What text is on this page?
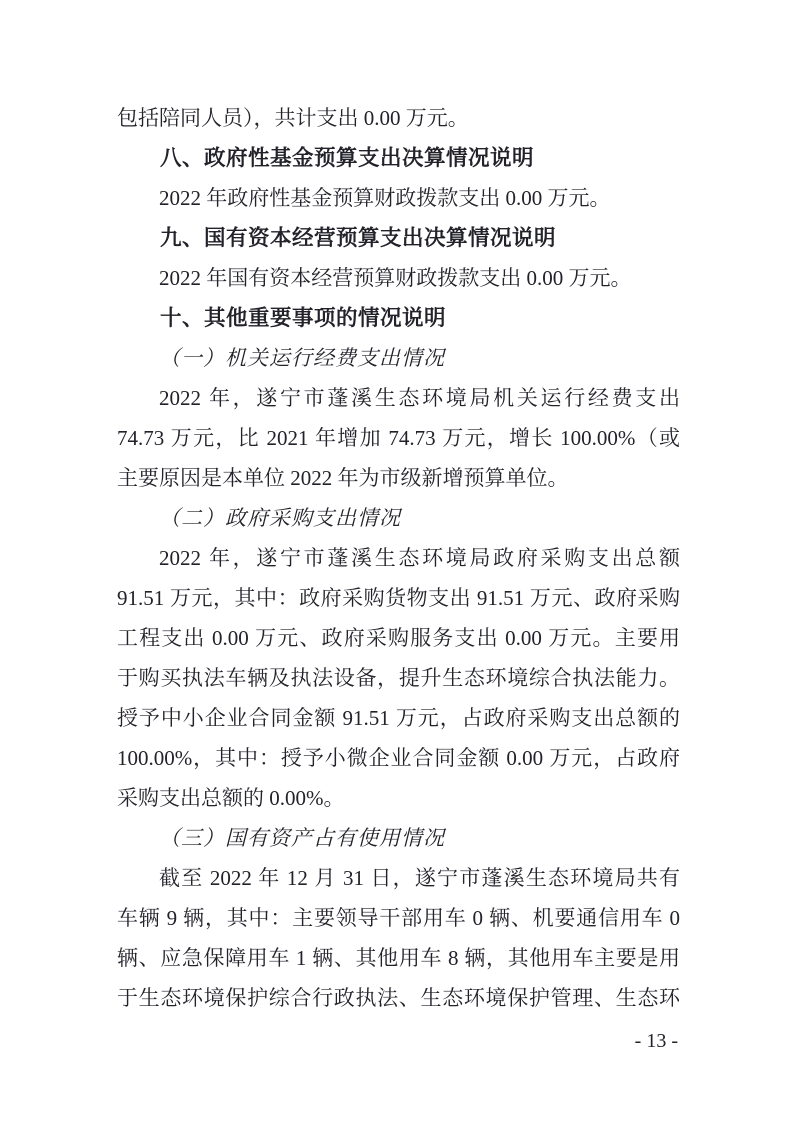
包括陪同人员），共计支出 0.00 万元。
八、政府性基金预算支出决算情况说明
2022 年政府性基金预算财政拨款支出 0.00 万元。
九、国有资本经营预算支出决算情况说明
2022 年国有资本经营预算财政拨款支出 0.00 万元。
十、其他重要事项的情况说明
（一）机关运行经费支出情况
2022 年，遂宁市蓬溪生态环境局机关运行经费支出
74.73 万元，比 2021 年增加 74.73 万元，增长 100.00%（或
主要原因是本单位 2022 年为市级新增预算单位。
（二）政府采购支出情况
2022 年，遂宁市蓬溪生态环境局政府采购支出总额
91.51 万元，其中：政府采购货物支出 91.51 万元、政府采购
工程支出 0.00 万元、政府采购服务支出 0.00 万元。主要用
于购买执法车辆及执法设备，提升生态环境综合执法能力。
授予中小企业合同金额 91.51 万元，占政府采购支出总额的
100.00%，其中：授予小微企业合同金额 0.00 万元，占政府
采购支出总额的 0.00%。
（三）国有资产占有使用情况
截至 2022 年 12 月 31 日，遂宁市蓬溪生态环境局共有
车辆 9 辆，其中：主要领导干部用车 0 辆、机要通信用车 0
辆、应急保障用车 1 辆、其他用车 8 辆，其他用车主要是用
于生态环境保护综合行政执法、生态环境保护管理、生态环
- 13 -
